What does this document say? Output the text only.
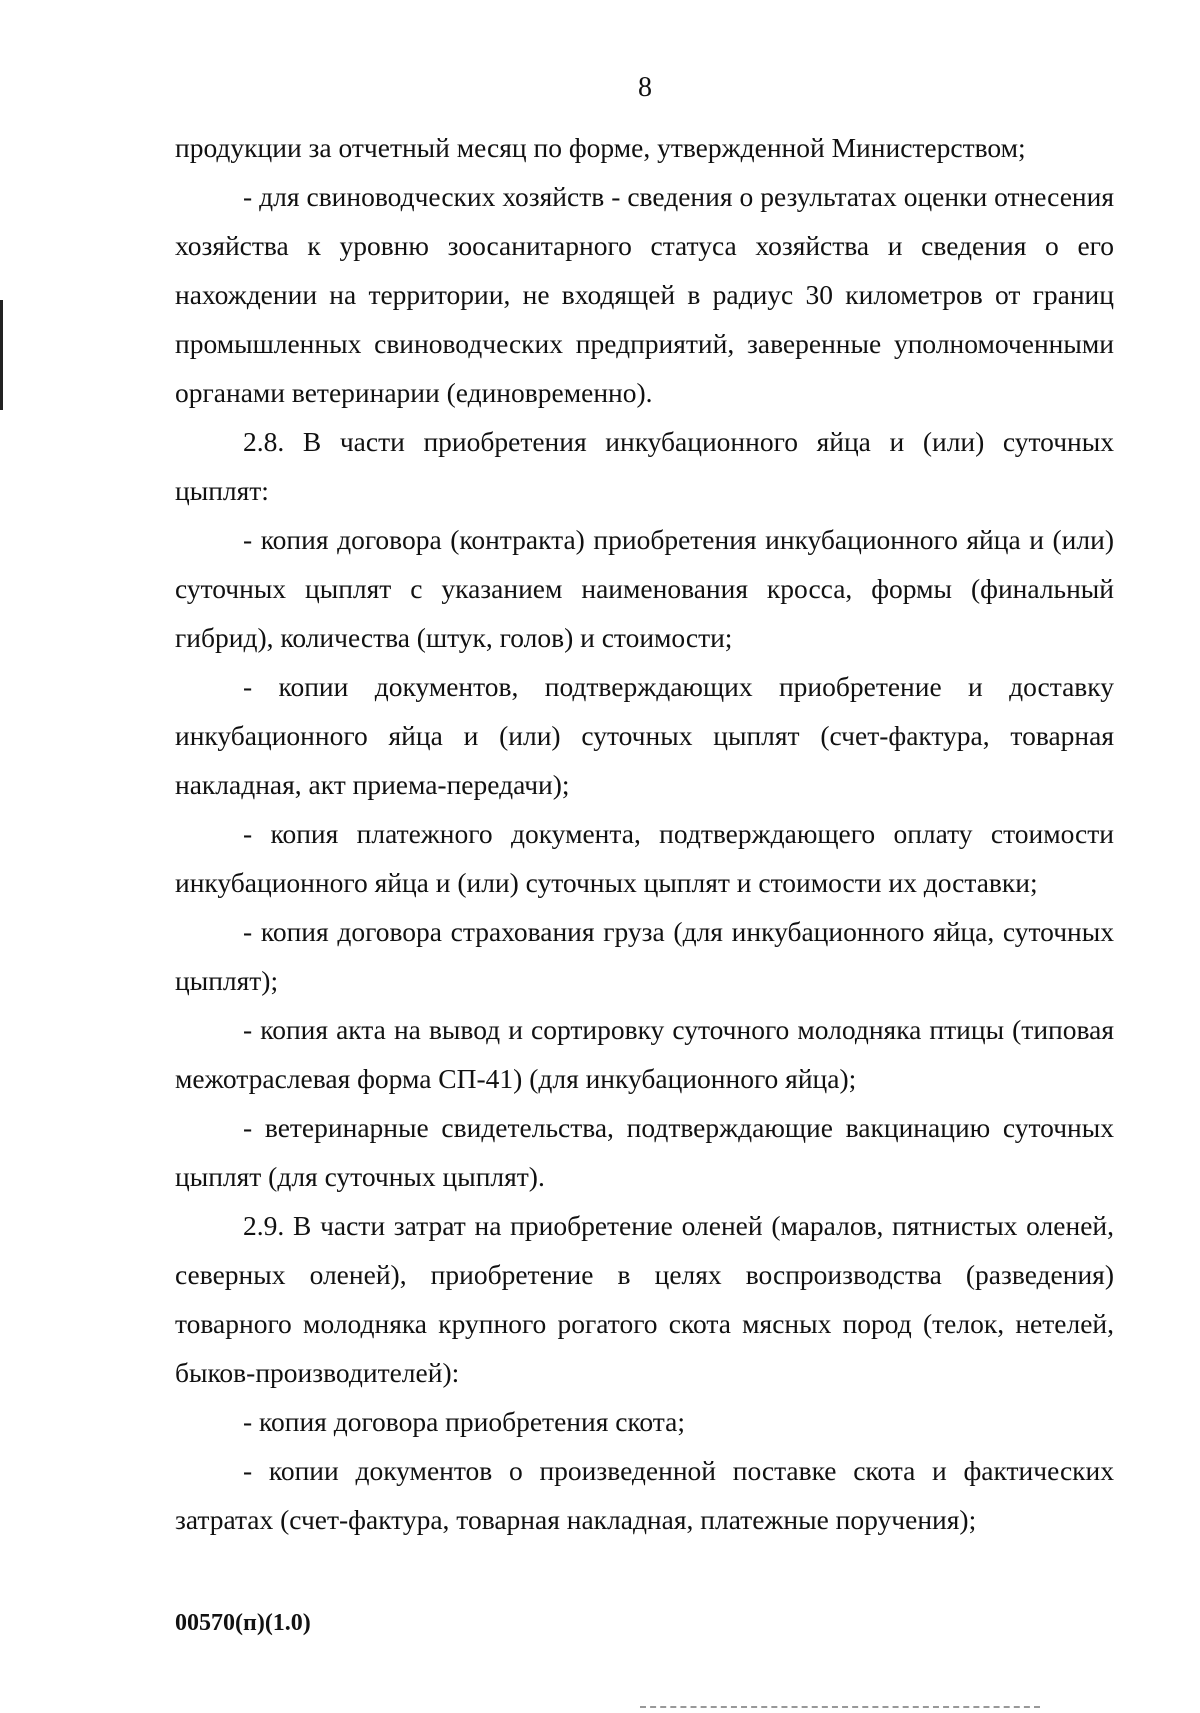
8

продукции за отчетный месяц по форме, утвержденной Министерством;

- для свиноводческих хозяйств - сведения о результатах оценки отнесения хозяйства к уровню зоосанитарного статуса хозяйства и сведения о его нахождении на территории, не входящей в радиус 30 километров от границ промышленных свиноводческих предприятий, заверенные уполномоченными органами ветеринарии (единовременно).

2.8. В части приобретения инкубационного яйца и (или) суточных цыплят:

- копия договора (контракта) приобретения инкубационного яйца и (или) суточных цыплят с указанием наименования кросса, формы (финальный гибрид), количества (штук, голов) и стоимости;

- копии документов, подтверждающих приобретение и доставку инкубационного яйца и (или) суточных цыплят (счет-фактура, товарная накладная, акт приема-передачи);

- копия платежного документа, подтверждающего оплату стоимости инкубационного яйца и (или) суточных цыплят и стоимости их доставки;

- копия договора страхования груза (для инкубационного яйца, суточных цыплят);

- копия акта на вывод и сортировку суточного молодняка птицы (типовая межотраслевая форма СП-41) (для инкубационного яйца);

- ветеринарные свидетельства, подтверждающие вакцинацию суточных цыплят (для суточных цыплят).

2.9. В части затрат на приобретение оленей (маралов, пятнистых оленей, северных оленей), приобретение в целях воспроизводства (разведения) товарного молодняка крупного рогатого скота мясных пород (телок, нетелей, быков-производителей):

- копия договора приобретения скота;

- копии документов о произведенной поставке скота и фактических затратах (счет-фактура, товарная накладная, платежные поручения);

00570(п)(1.0)
